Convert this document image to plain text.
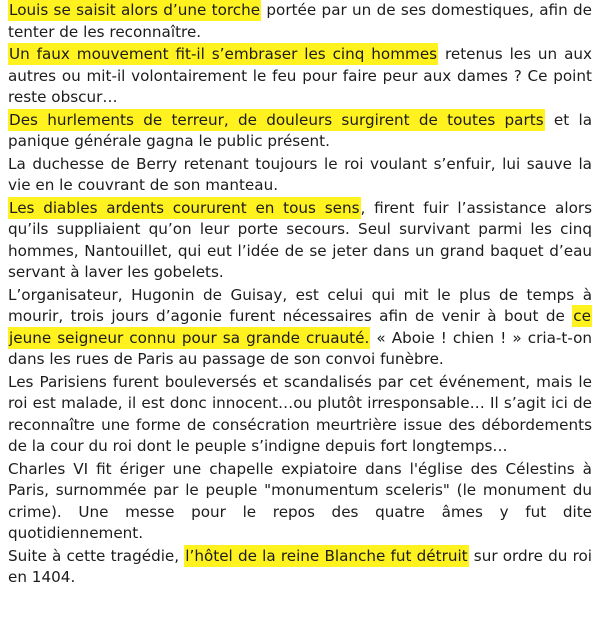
Louis se saisit alors d’une torche portée par un de ses domestiques, afin de tenter de les reconnaître.

Un faux mouvement fit-il s’embraser les cinq hommes retenus les un aux autres ou mit-il volontairement le feu pour faire peur aux dames ? Ce point reste obscur…

Des hurlements de terreur, de douleurs surgirent de toutes parts et la panique générale gagna le public présent.

La duchesse de Berry retenant toujours le roi voulant s’enfuir, lui sauve la vie en le couvrant de son manteau.

Les diables ardents coururent en tous sens, firent fuir l’assistance alors qu’ils suppliaient qu’on leur porte secours. Seul survivant parmi les cinq hommes, Nantouillet, qui eut l’idée de se jeter dans un grand baquet d’eau servant à laver les gobelets.

L’organisateur, Hugonin de Guisay, est celui qui mit le plus de temps à mourir, trois jours d’agonie furent nécessaires afin de venir à bout de ce jeune seigneur connu pour sa grande cruauté. « Aboie ! chien ! » cria-t-on dans les rues de Paris au passage de son convoi funèbre.

Les Parisiens furent bouleversés et scandalisés par cet événement, mais le roi est malade, il est donc innocent…ou plutôt irresponsable… Il s’agit ici de reconnaître une forme de consécration meurtrière issue des débordements de la cour du roi dont le peuple s’indigne depuis fort longtemps…

Charles VI fit ériger une chapelle expiatoire dans l'église des Célestins à Paris, surnommée par le peuple "monumentum sceleris" (le monument du crime). Une messe pour le repos des quatre âmes y fut dite quotidiennement.

Suite à cette tragédie, l’hôtel de la reine Blanche fut détruit sur ordre du roi en 1404.
